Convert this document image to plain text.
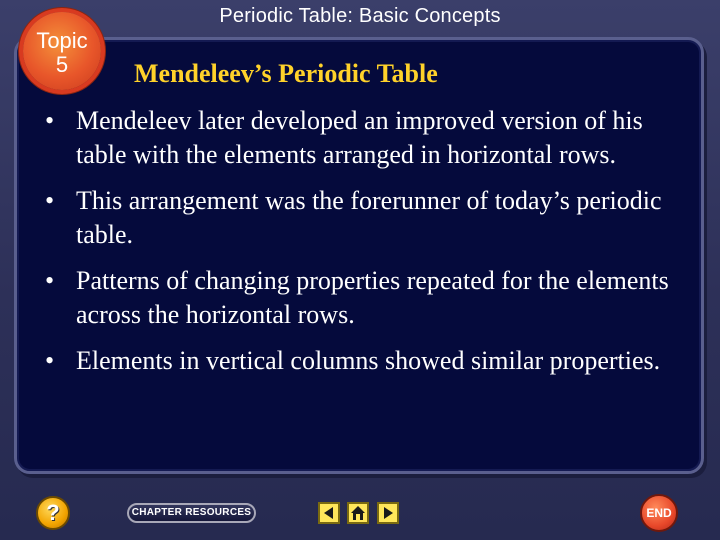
Periodic Table: Basic Concepts
Topic
5	Mendeleev’s Periodic Table
• Mendeleev later developed an improved version of his table with the elements arranged in horizontal rows.
• This arrangement was the forerunner of today’s periodic table.
• Patterns of changing properties repeated for the elements across the horizontal rows.
• Elements in vertical columns showed similar properties.
?	CHAPTER RESOURCES	END
